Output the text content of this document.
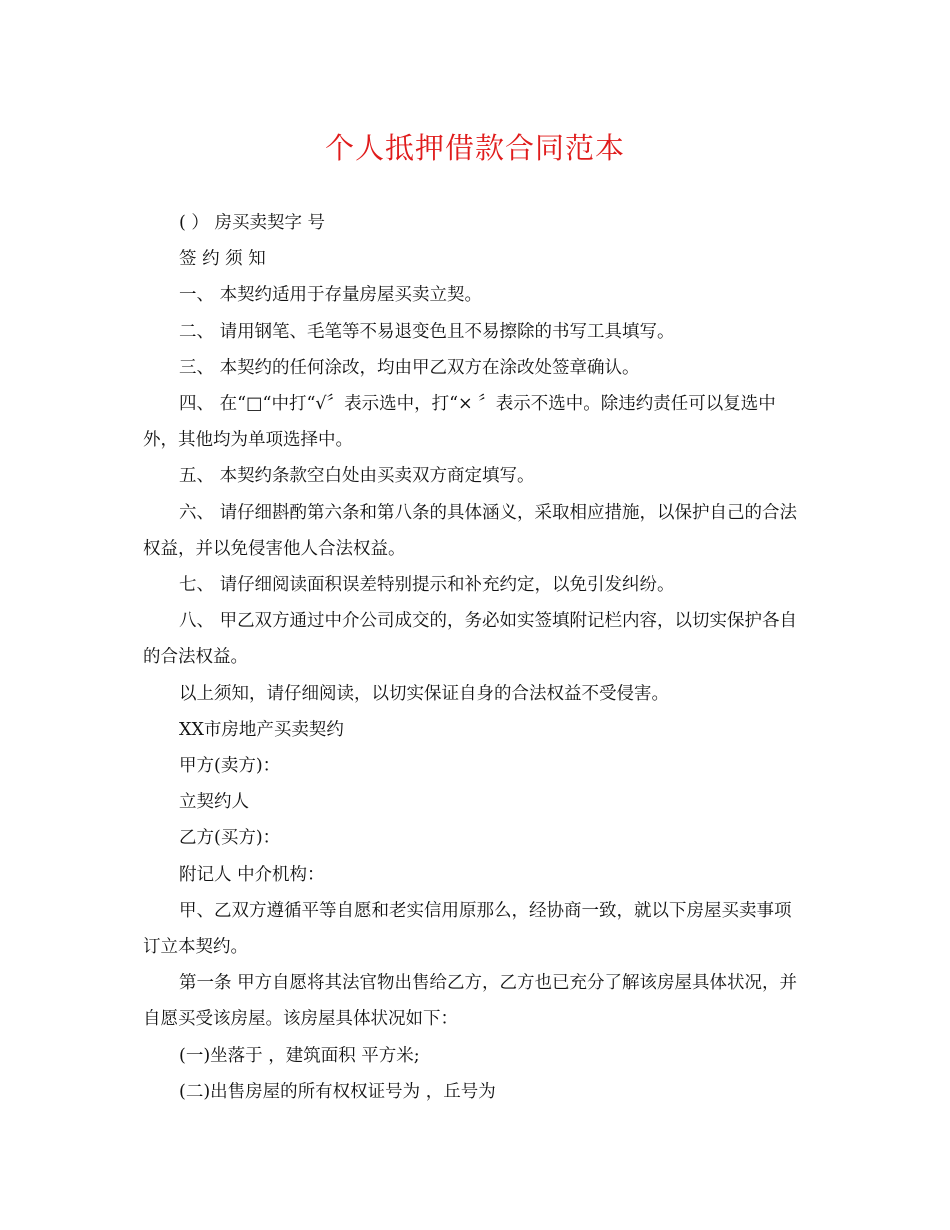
个人抵押借款合同范本

( ） 房买卖契字 号

签 约 须 知

一、 本契约适用于存量房屋买卖立契。

二、 请用钢笔、毛笔等不易退变色且不易擦除的书写工具填写。

三、 本契约的任何涂改，均由甲乙双方在涂改处签章确认。

四、 在“□“中打“√〞表示选中，打“× 〞表示不选中。除违约责任可以复选中外，其他均为单项选择中。

五、 本契约条款空白处由买卖双方商定填写。

六、 请仔细斟酌第六条和第八条的具体涵义，采取相应措施，以保护自己的合法权益，并以免侵害他人合法权益。

七、 请仔细阅读面积误差特别提示和补充约定，以免引发纠纷。

八、 甲乙双方通过中介公司成交的，务必如实签填附记栏内容，以切实保护各自的合法权益。

以上须知，请仔细阅读，以切实保证自身的合法权益不受侵害。

XX市房地产买卖契约

甲方(卖方)：

立契约人

乙方(买方)：

附记人 中介机构：

甲、乙双方遵循平等自愿和老实信用原那么，经协商一致，就以下房屋买卖事项订立本契约。

第一条 甲方自愿将其法官物出售给乙方，乙方也已充分了解该房屋具体状况，并自愿买受该房屋。该房屋具体状况如下：

(一)坐落于 ，建筑面积 平方米;

(二)出售房屋的所有权权证号为 ，丘号为
